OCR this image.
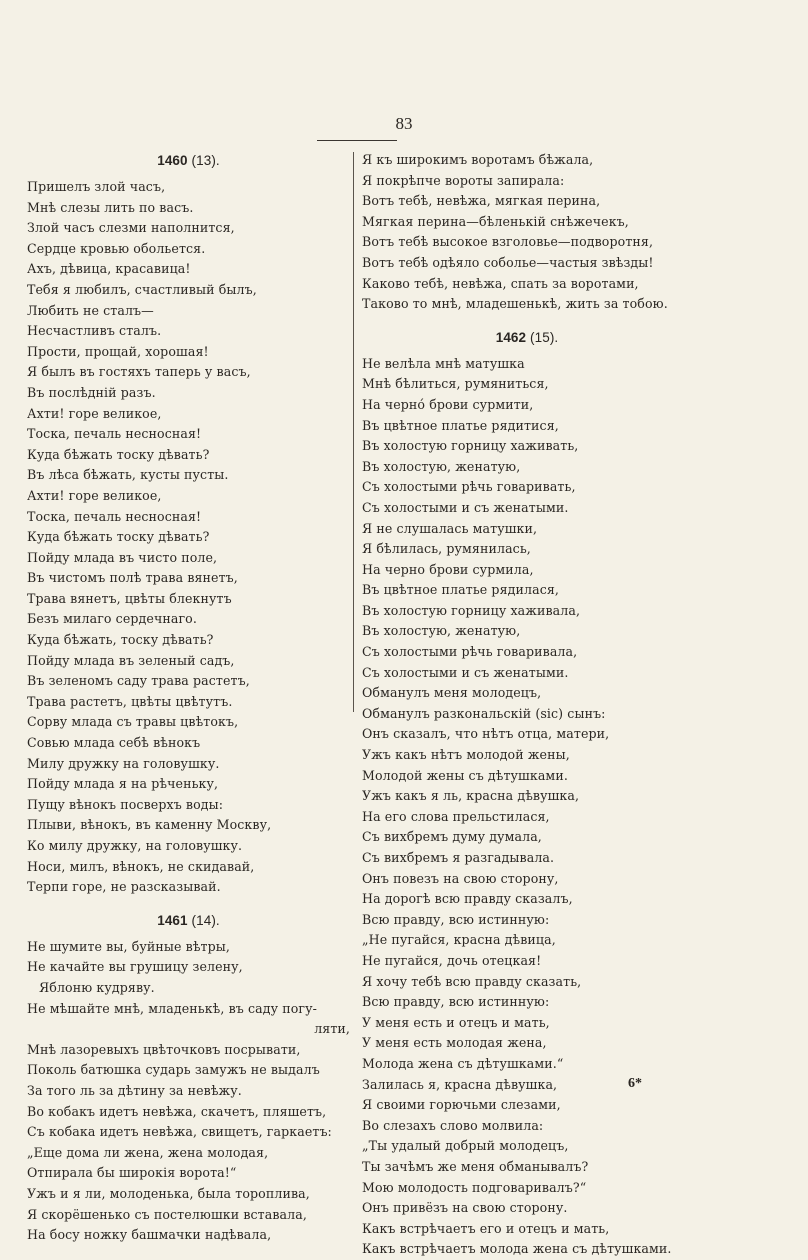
83
1460 (13).
Пришелъ злой часъ,
Мнѣ слезы лить по васъ.
Злой часъ слезми наполнится,
Сердце кровью обольется.
Ахъ, дѣвица, красавица!
Тебя я любилъ, счастливый былъ,
Любить не сталъ—
Несчастливъ сталъ.
Прости, прощай, хорошая!
Я былъ въ гостяхъ таперь у васъ,
Въ послѣдній разъ.
Ахти! горе великое,
Тоска, печаль несносная!
Куда бѣжать тоску дѣвать?
Въ лѣса бѣжать, кусты пусты.
Ахти! горе великое,
Тоска, печаль несносная!
Куда бѣжать тоску дѣвать?
Пойду млада въ чисто поле,
Въ чистомъ полѣ трава вянетъ,
Трава вянетъ, цвѣты блекнутъ
Безъ милаго сердечнаго.
Куда бѣжать, тоску дѣвать?
Пойду млада въ зеленый садъ,
Въ зеленомъ саду трава растетъ,
Трава растетъ, цвѣты цвѣтутъ.
Сорву млада съ травы цвѣтокъ,
Совью млада себѣ вѣнокъ
Милу дружку на головушку.
Пойду млада я на рѣченьку,
Пущу вѣнокъ посверхъ воды:
Плыви, вѣнокъ, въ каменну Москву,
Ко милу дружку, на головушку.
Носи, милъ, вѣнокъ, не скидавай,
Терпи горе, не разсказывай.
1461 (14).
Не шумите вы, буйные вѣтры,
Не качайте вы грушицу зелену,
Яблоню кудряву.
Не мѣшайте мнѣ, младенькѣ, въ саду погу-
ляти,
Мнѣ лазоревыхъ цвѣточковъ посрывати,
Поколь батюшка сударь замужъ не выдалъ
За того ль за дѣтину за невѣжу.
Во кобакъ идетъ невѣжа, скачетъ, пляшетъ,
Съ кобака идетъ невѣжа, свищетъ, гаркаетъ:
„Еще дома ли жена, жена молодая,
Отпирала бы широкія ворота!“
Ужъ и я ли, молоденька, была тороплива,
Я скорёшенько съ постелюшки вставала,
На босу ножку башмачки надѣвала,
Я къ широкимъ воротамъ бѣжала,
Я покрѣпче вороты запирала:
Вотъ тебѣ, невѣжа, мягкая перина,
Мягкая перина—бѣленькій снѣжечекъ,
Вотъ тебѣ высокое взголовье—подворотня,
Вотъ тебѣ одѣяло соболье—частыя звѣзды!
Каково тебѣ, невѣжа, спать за воротами,
Таково то мнѣ, младешенькѣ, жить за тобою.
1462 (15).
Не велѣла мнѣ матушка
Мнѣ бѣлиться, румяниться,
На черно́ брови сурмити,
Въ цвѣтное платье рядитися,
Въ холостую горницу хаживать,
Въ холостую, женатую,
Съ холостыми рѣчь говаривать,
Съ холостыми и съ женатыми.
Я не слушалась матушки,
Я бѣлилась, румянилась,
На черно брови сурмила,
Въ цвѣтное платье рядилася,
Въ холостую горницу хаживала,
Въ холостую, женатую,
Съ холостыми рѣчь говаривала,
Съ холостыми и съ женатыми.
Обманулъ меня молодецъ,
Обманулъ разкональскій (sic) сынъ:
Онъ сказалъ, что нѣтъ отца, матери,
Ужъ какъ нѣтъ молодой жены,
Молодой жены съ дѣтушками.
Ужъ какъ я ль, красна дѣвушка,
На его слова прельстилася,
Съ вихбремъ думу думала,
Съ вихбремъ я разгадывала.
Онъ повезъ на свою сторону,
На дорогѣ всю правду сказалъ,
Всю правду, всю истинную:
„Не пугайся, красна дѣвица,
Не пугайся, дочь отецкая!
Я хочу тебѣ всю правду сказать,
Всю правду, всю истинную:
У меня есть и отецъ и мать,
У меня есть молодая жена,
Молода жена съ дѣтушками.“
Залилась я, красна дѣвушка,
Я своими горючьми слезами,
Во слезахъ слово молвила:
„Ты удалый добрый молодецъ,
Ты зачѣмъ же меня обманывалъ?
Мою молодость подговаривалъ?“
Онъ привёзъ на свою сторону.
Какъ встрѣчаетъ его и отецъ и мать,
Какъ встрѣчаетъ молода жена съ дѣтушками.
6*
